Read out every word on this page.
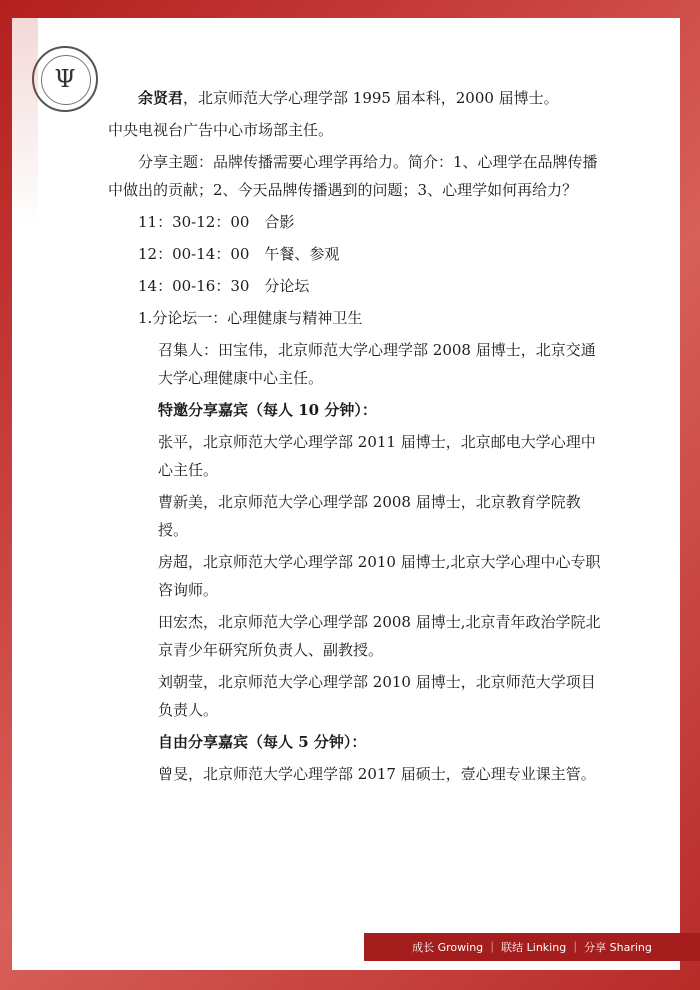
Ψ

余贤君，北京师范大学心理学部 1995 届本科，2000 届博士。

中央电视台广告中心市场部主任。

分享主题：品牌传播需要心理学再给力。简介：1、心理学在品牌传播中做出的贡献；2、今天品牌传播遇到的问题；3、心理学如何再给力？

11：30-12：00　合影

12：00-14：00　午餐、参观

14：00-16：30　分论坛

1.分论坛一：心理健康与精神卫生

召集人：田宝伟，北京师范大学心理学部 2008 届博士，北京交通大学心理健康中心主任。

特邀分享嘉宾（每人 10 分钟）：

张平，北京师范大学心理学部 2011 届博士，北京邮电大学心理中心主任。

曹新美，北京师范大学心理学部 2008 届博士，北京教育学院教授。

房超，北京师范大学心理学部 2010 届博士,北京大学心理中心专职咨询师。

田宏杰，北京师范大学心理学部 2008 届博士,北京青年政治学院北京青少年研究所负责人、副教授。

刘朝莹，北京师范大学心理学部 2010 届博士，北京师范大学项目负责人。

自由分享嘉宾（每人 5 分钟）：

曾旻，北京师范大学心理学部 2017 届硕士，壹心理专业课主管。

成长 Growing ｜ 联结 Linking ｜ 分享 Sharing
